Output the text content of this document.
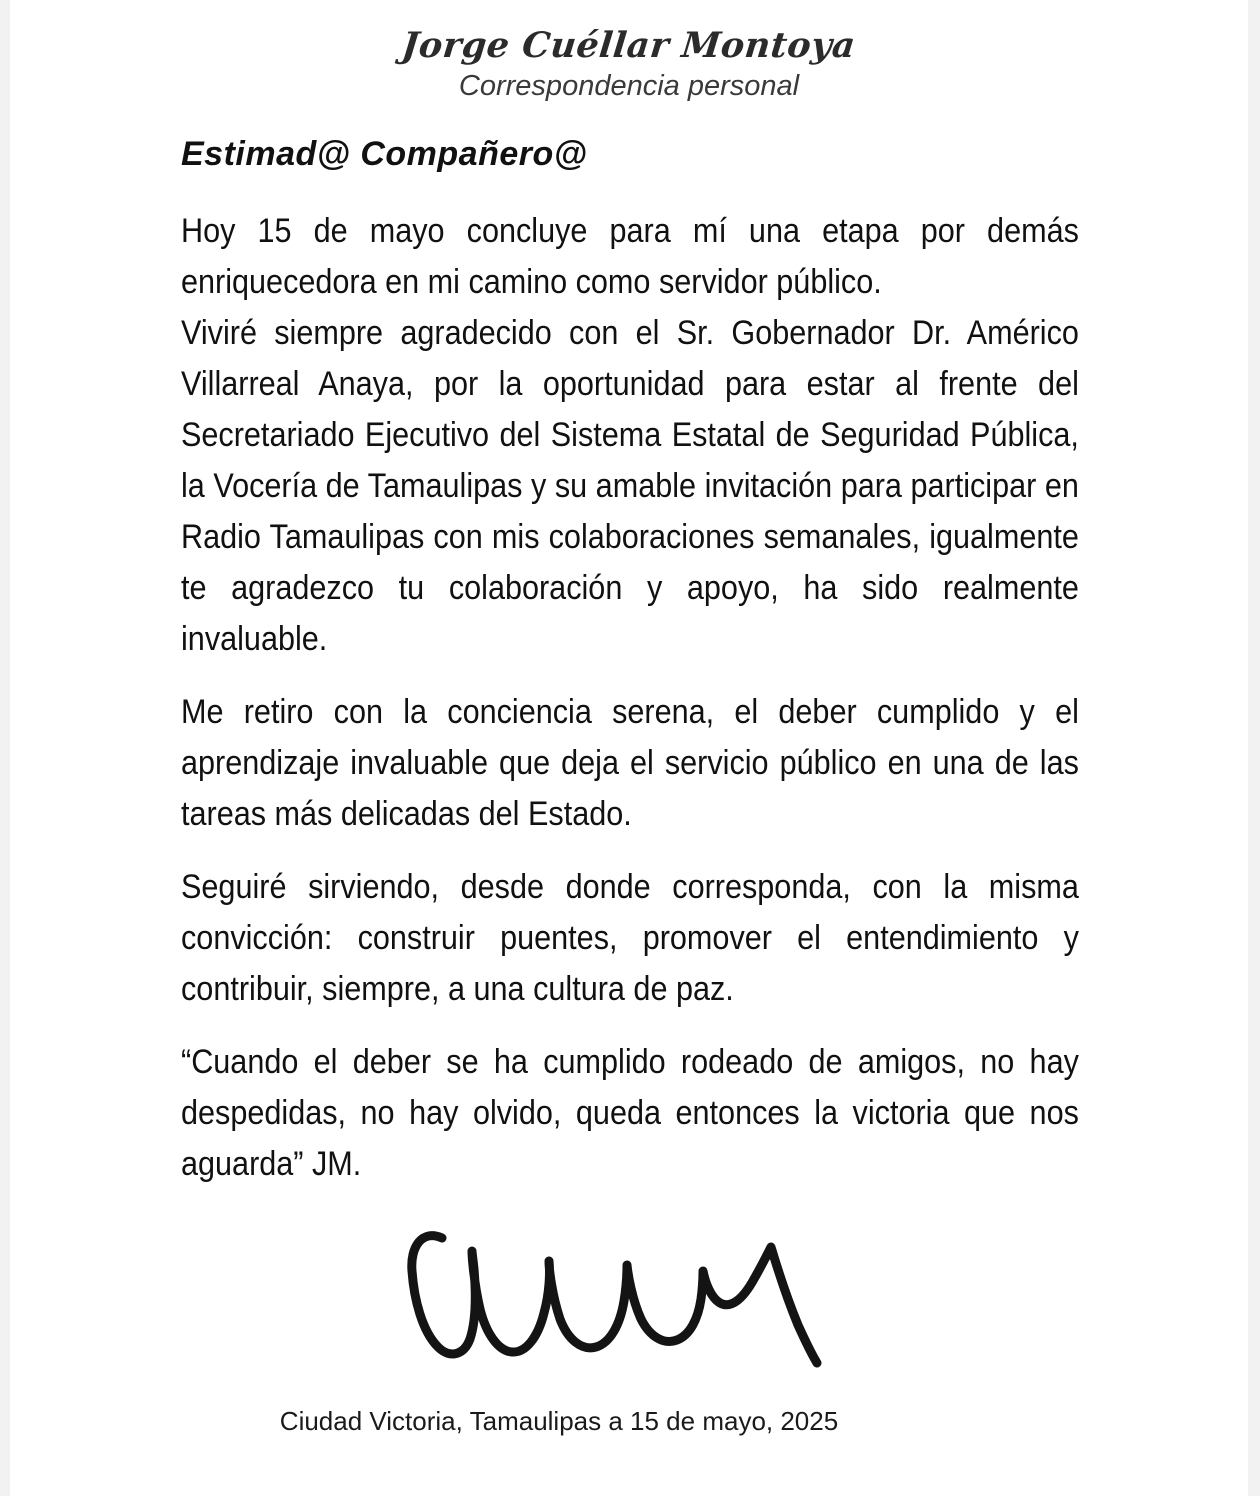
Jorge Cuéllar Montoya
Correspondencia personal

Estimad@ Compañero@

Hoy 15 de mayo concluye para mí una etapa por demás enriquecedora en mi camino como servidor público.

Viviré siempre agradecido con el Sr. Gobernador Dr. Américo Villarreal Anaya, por la oportunidad para estar al frente del Secretariado Ejecutivo del Sistema Estatal de Seguridad Pública, la Vocería de Tamaulipas y su amable invitación para participar en Radio Tamaulipas con mis colaboraciones semanales, igualmente te agradezco tu colaboración y apoyo, ha sido realmente invaluable.

Me retiro con la conciencia serena, el deber cumplido y el aprendizaje invaluable que deja el servicio público en una de las tareas más delicadas del Estado.

Seguiré sirviendo, desde donde corresponda, con la misma convicción: construir puentes, promover el entendimiento y contribuir, siempre, a una cultura de paz.

“Cuando el deber se ha cumplido rodeado de amigos, no hay despedidas, no hay olvido, queda entonces la victoria que nos aguarda” JM.

Ciudad Victoria, Tamaulipas a 15 de mayo, 2025
